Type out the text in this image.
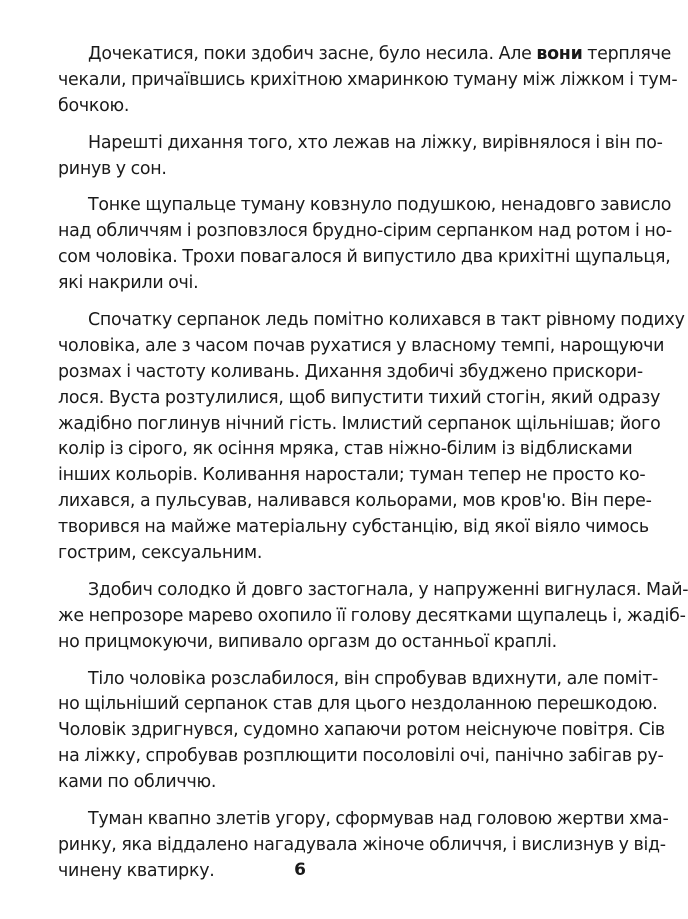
Дочекатися, поки здобич засне, було несила. Але вони терпляче
чекали, причаївшись крихітною хмаринкою туману між ліжком і тум-
бочкою.
Нарешті дихання того, хто лежав на ліжку, вирівнялося і він по-
ринув у сон.
Тонке щупальце туману ковзнуло подушкою, ненадовго зависло
над обличчям і розповзлося брудно-сірим серпанком над ротом і но-
сом чоловіка. Трохи повагалося й випустило два крихітні щупальця,
які накрили очі.
Спочатку серпанок ледь помітно колихався в такт рівному подиху
чоловіка, але з часом почав рухатися у власному темпі, нарощуючи
розмах і частоту коливань. Дихання здобичі збуджено прискори-
лося. Вуста розтулилися, щоб випустити тихий стогін, який одразу
жадібно поглинув нічний гість. Імлистий серпанок щільнішав; його
колір із сірого, як осіння мряка, став ніжно-білим із відблисками
інших кольорів. Коливання наростали; туман тепер не просто ко-
лихався, а пульсував, наливався кольорами, мов кров'ю. Він пере-
творився на майже матеріальну субстанцію, від якої віяло чимось
гострим, сексуальним.
Здобич солодко й довго застогнала, у напруженні вигнулася. Май-
же непрозоре марево охопило її голову десятками щупалець і, жадіб-
но прицмокуючи, випивало оргазм до останньої краплі.
Тіло чоловіка розслабилося, він спробував вдихнути, але поміт-
но щільніший серпанок став для цього нездоланною перешкодою.
Чоловік здригнувся, судомно хапаючи ротом неіснуюче повітря. Сів
на ліжку, спробував розплющити посоловілі очі, панічно забігав ру-
ками по обличчю.
Туман квапно злетів угору, сформував над головою жертви хма-
ринку, яка віддалено нагадувала жіноче обличчя, і вислизнув у від-
чинену кватирку.	6
